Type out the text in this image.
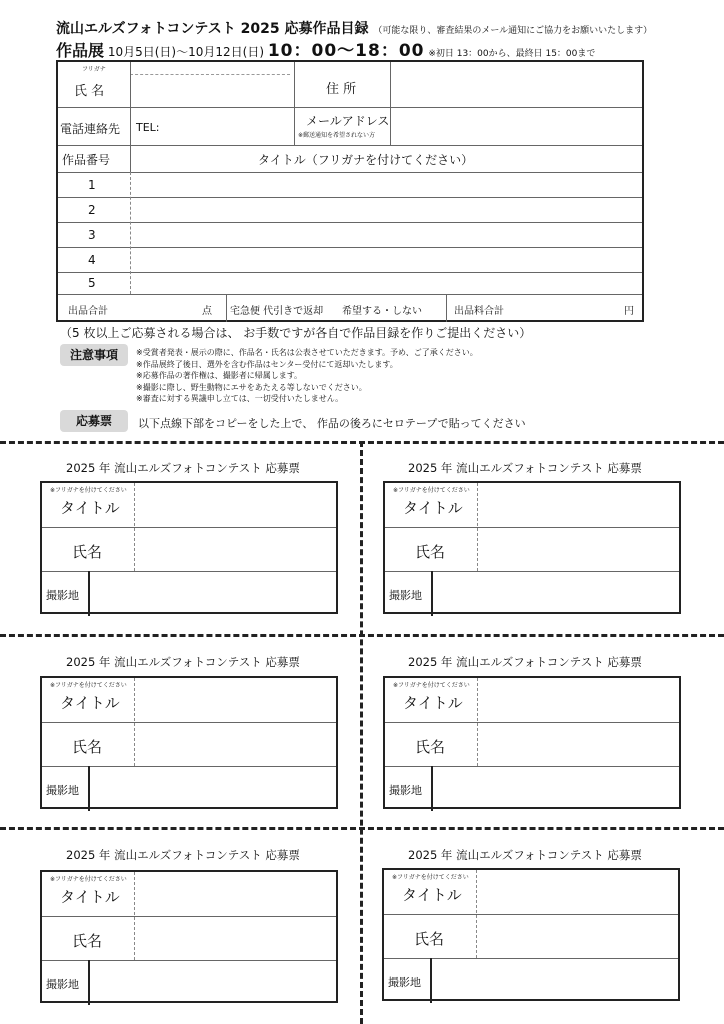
流山エルズフォトコンテスト 2025 応募作品目録 （可能な限り、審査結果のメール通知にご協力をお願いいたします）
作品展 10月5日(日)～10月12日(日) 10：00～18：00 ※初日 13：00から、最終日 15：00まで
フリガナ
氏 名	住 所
電話連絡先 TEL:	メールアドレス
※郵送通知を希望されない方
作品番号	タイトル（フリガナを付けてください）
1
2
3
4
5
出品合計	点 宅急便 代引きで返却 希望する・しない	出品料合計	円
（5 枚以上ご応募される場合は、 お手数ですが各自で作品目録を作りご提出ください）
注意事項	※受賞者発表・展示の際に、作品名・氏名は公表させていただきます。予め、ご了承ください。
※作品展終了後日、選外を含む作品はセンター受付にて返却いたします。
※応募作品の著作権は、撮影者に帰属します。
※撮影に際し、野生動物にエサをあたえる等しないでください。
※審査に対する異議申し立ては、一切受付いたしません。
応募票	以下点線下部をコピーをした上で、 作品の後ろにセロテープで貼ってください
2025 年 流山エルズフォトコンテスト 応募票
※フリガナを付けてください
タイトル
氏名
撮影地
2025 年 流山エルズフォトコンテスト 応募票
※フリガナを付けてください
タイトル
氏名
撮影地
2025 年 流山エルズフォトコンテスト 応募票
※フリガナを付けてください
タイトル
氏名
撮影地
2025 年 流山エルズフォトコンテスト 応募票
※フリガナを付けてください
タイトル
氏名
撮影地
2025 年 流山エルズフォトコンテスト 応募票
※フリガナを付けてください
タイトル
氏名
撮影地
2025 年 流山エルズフォトコンテスト 応募票
※フリガナを付けてください
タイトル
氏名
撮影地
